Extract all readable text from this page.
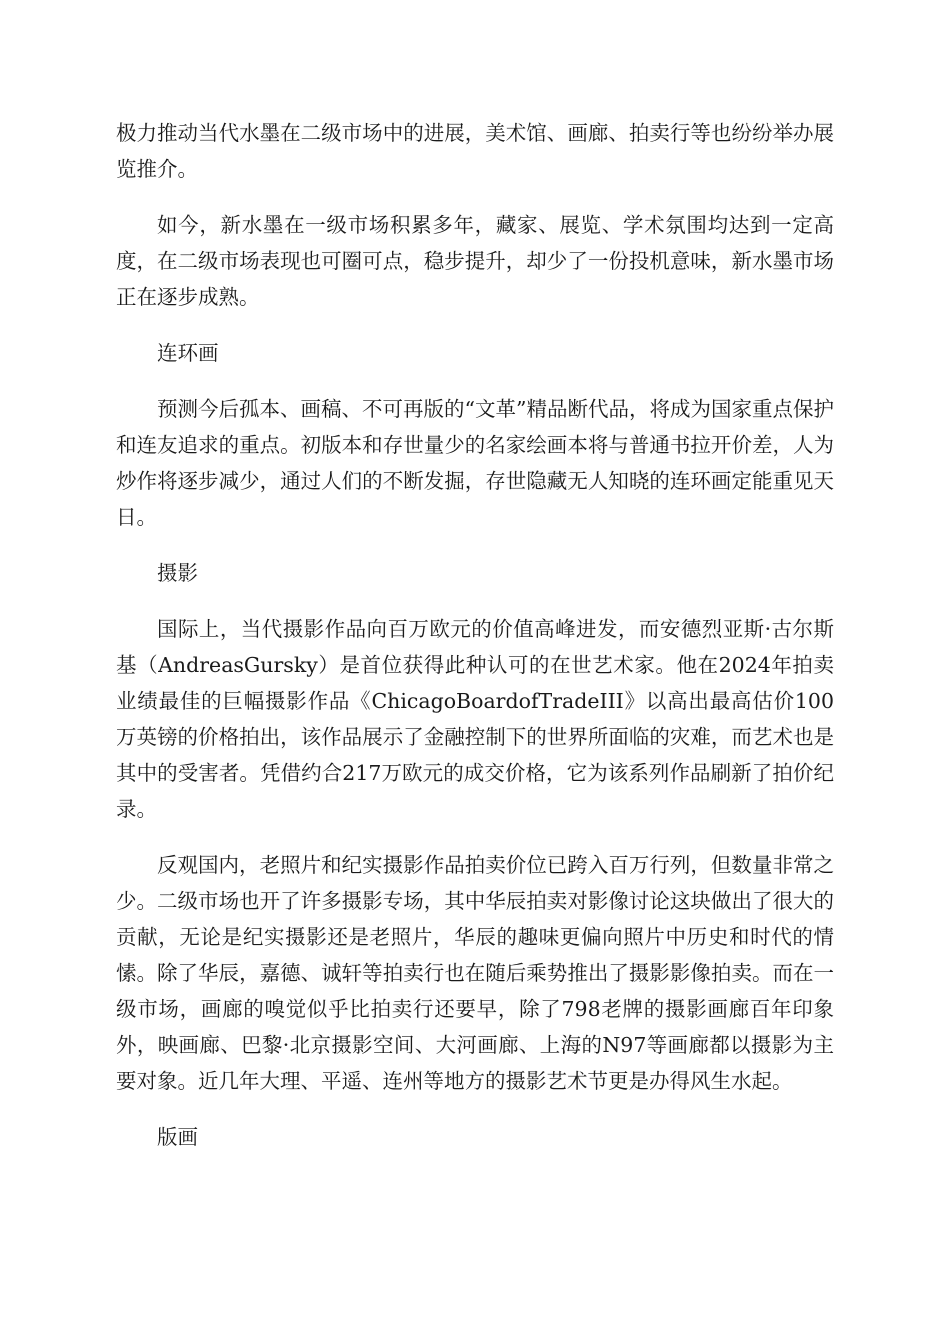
极力推动当代水墨在二级市场中的进展，美术馆、画廊、拍卖行等也纷纷举办展览推介。

如今，新水墨在一级市场积累多年，藏家、展览、学术氛围均达到一定高度，在二级市场表现也可圈可点，稳步提升，却少了一份投机意味，新水墨市场正在逐步成熟。

连环画

预测今后孤本、画稿、不可再版的“文革”精品断代品，将成为国家重点保护和连友追求的重点。初版本和存世量少的名家绘画本将与普通书拉开价差，人为炒作将逐步减少，通过人们的不断发掘，存世隐藏无人知晓的连环画定能重见天日。

摄影

国际上，当代摄影作品向百万欧元的价值高峰进发，而安德烈亚斯·古尔斯基（AndreasGursky）是首位获得此种认可的在世艺术家。他在2024年拍卖业绩最佳的巨幅摄影作品《ChicagoBoardofTradeIII》以高出最高估价100万英镑的价格拍出，该作品展示了金融控制下的世界所面临的灾难，而艺术也是其中的受害者。凭借约合217万欧元的成交价格，它为该系列作品刷新了拍价纪录。

反观国内，老照片和纪实摄影作品拍卖价位已跨入百万行列，但数量非常之少。二级市场也开了许多摄影专场，其中华辰拍卖对影像讨论这块做出了很大的贡献，无论是纪实摄影还是老照片，华辰的趣味更偏向照片中历史和时代的情愫。除了华辰，嘉德、诚轩等拍卖行也在随后乘势推出了摄影影像拍卖。而在一级市场，画廊的嗅觉似乎比拍卖行还要早，除了798老牌的摄影画廊百年印象外，映画廊、巴黎·北京摄影空间、大河画廊、上海的N97等画廊都以摄影为主要对象。近几年大理、平遥、连州等地方的摄影艺术节更是办得风生水起。

版画
